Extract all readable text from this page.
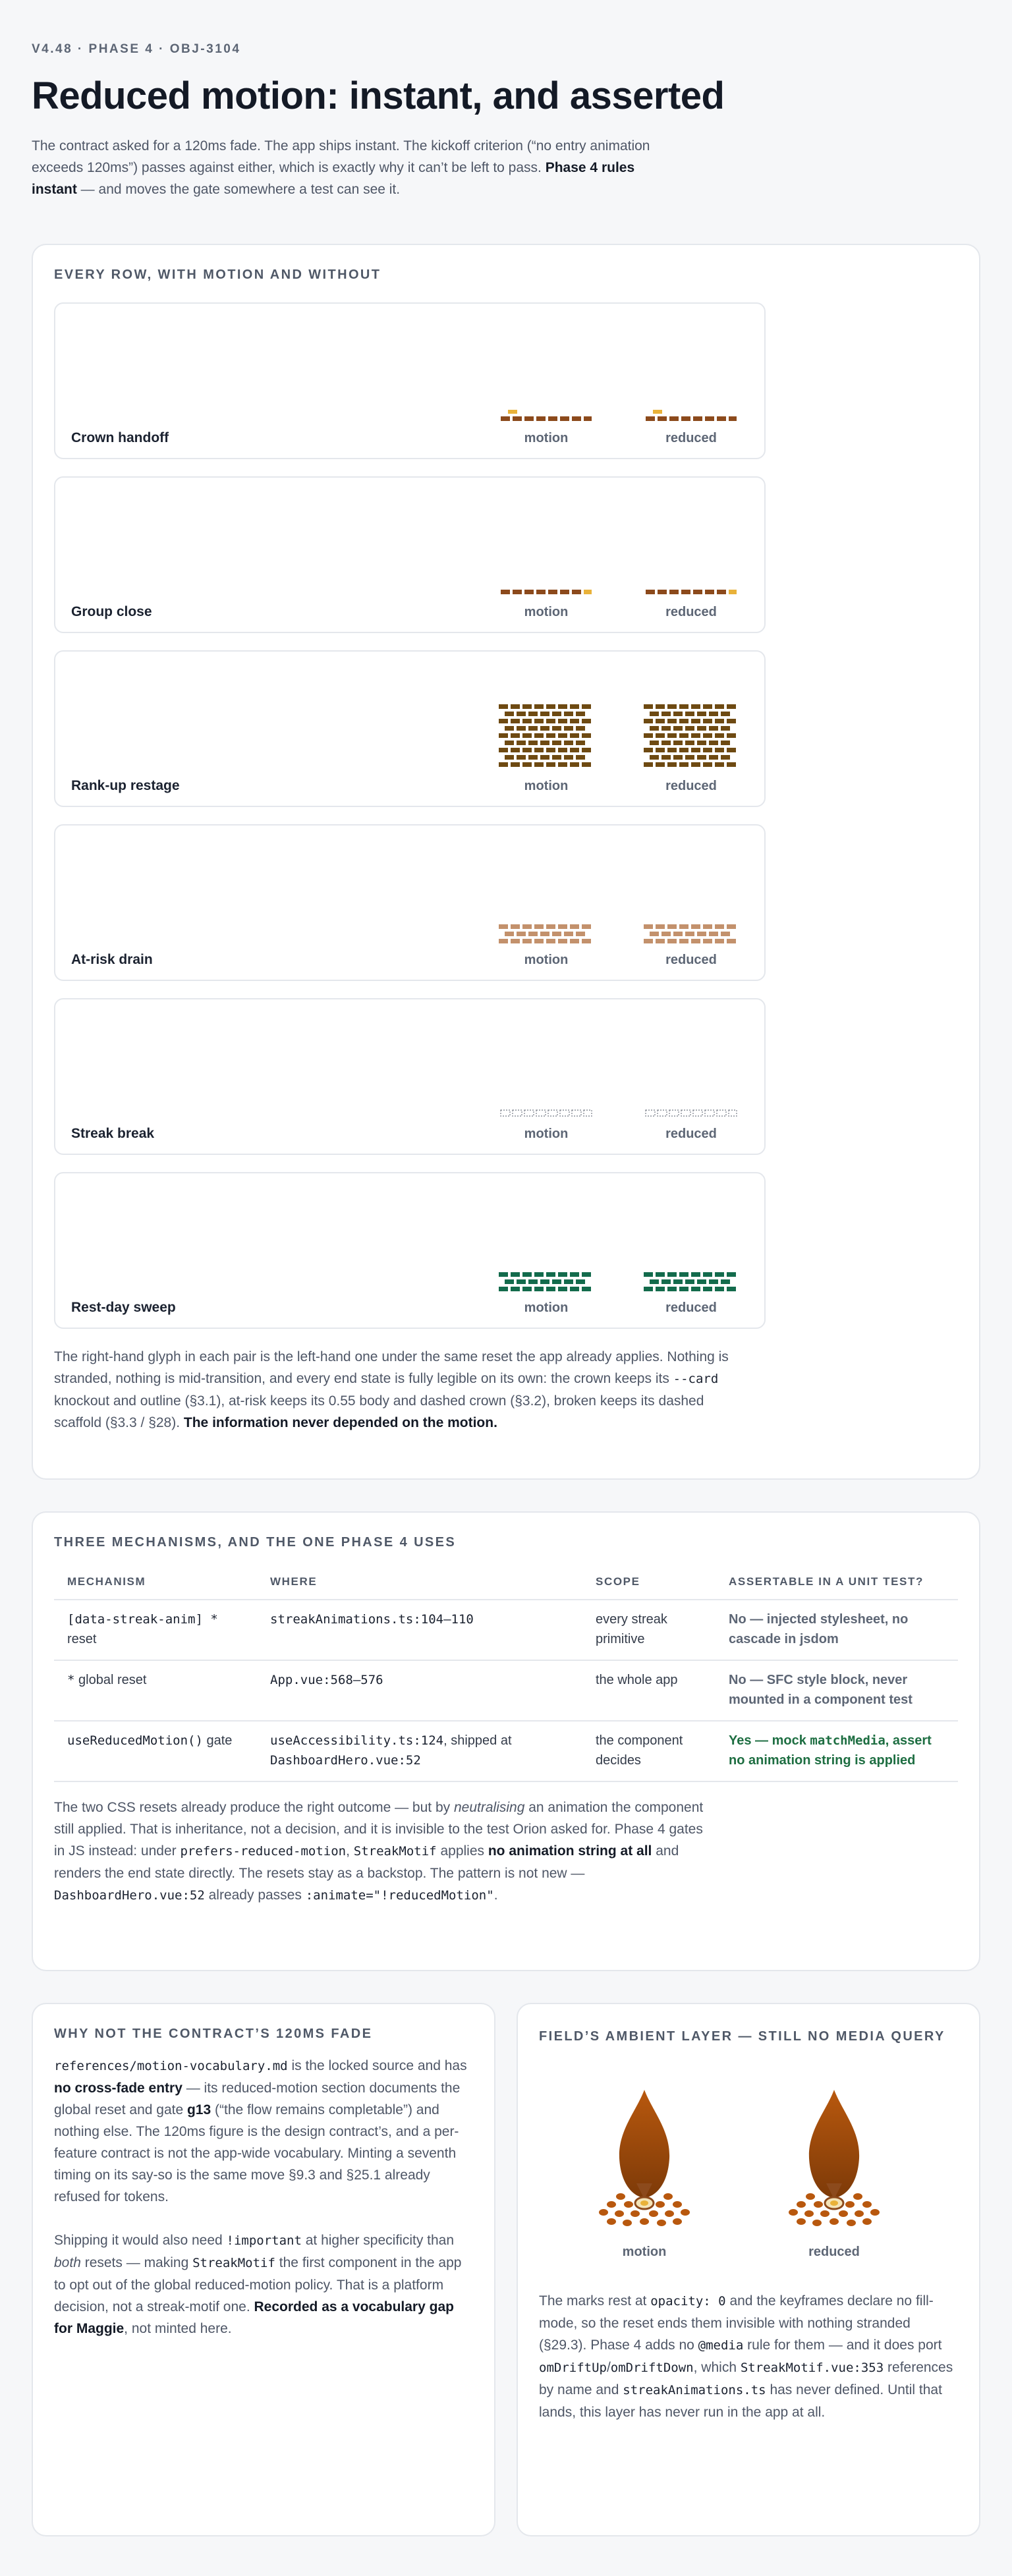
V4.48 · PHASE 4 · OBJ-3104
Reduced motion: instant, and asserted

The contract asked for a 120ms fade. The app ships instant. The kickoff criterion (“no entry animation exceeds 120ms”) passes against either, which is exactly why it can’t be left to pass. Phase 4 rules instant — and moves the gate somewhere a test can see it.

EVERY ROW, WITH MOTION AND WITHOUT
motion	reduced
Crown handoff
motion	reduced
Group close
motion	reduced
Rank-up restage
motion	reduced
At-risk drain
motion	reduced
Streak break
motion	reduced
Rest-day sweep

The right-hand glyph in each pair is the left-hand one under the same reset the app already applies. Nothing is stranded, nothing is mid-transition, and every end state is fully legible on its own: the crown keeps its --card knockout and outline (§3.1), at-risk keeps its 0.55 body and dashed crown (§3.2), broken keeps its dashed scaffold (§3.3 / §28). The information never depended on the motion.

THREE MECHANISMS, AND THE ONE PHASE 4 USES
MECHANISM	WHERE	SCOPE	ASSERTABLE IN A UNIT TEST?
[data-streak-anim] * reset	streakAnimations.ts:104–110	every streak primitive	No — injected stylesheet, no cascade in jsdom
* global reset	App.vue:568–576	the whole app	No — SFC style block, never mounted in a component test
useReducedMotion() gate	useAccessibility.ts:124, shipped at DashboardHero.vue:52	the component decides	Yes — mock matchMedia, assert no animation string is applied

The two CSS resets already produce the right outcome — but by neutralising an animation the component still applied. That is inheritance, not a decision, and it is invisible to the test Orion asked for. Phase 4 gates in JS instead: under prefers-reduced-motion, StreakMotif applies no animation string at all and renders the end state directly. The resets stay as a backstop. The pattern is not new — DashboardHero.vue:52 already passes :animate="!reducedMotion".

WHY NOT THE CONTRACT’S 120MS FADE

references/motion-vocabulary.md is the locked source and has no cross-fade entry — its reduced-motion section documents the global reset and gate g13 (“the flow remains completable”) and nothing else. The 120ms figure is the design contract’s, and a per-feature contract is not the app-wide vocabulary. Minting a seventh timing on its say-so is the same move §9.3 and §25.1 already refused for tokens.

Shipping it would also need !important at higher specificity than both resets — making StreakMotif the first component in the app to opt out of the global reduced-motion policy. That is a platform decision, not a streak-motif one. Recorded as a vocabulary gap for Maggie, not minted here.

FIELD’S AMBIENT LAYER — STILL NO MEDIA QUERY
motion	reduced

The marks rest at opacity: 0 and the keyframes declare no fill-mode, so the reset ends them invisible with nothing stranded (§29.3). Phase 4 adds no @media rule for them — and it does port omDriftUp/omDriftDown, which StreakMotif.vue:353 references by name and streakAnimations.ts has never defined. Until that lands, this layer has never run in the app at all.
